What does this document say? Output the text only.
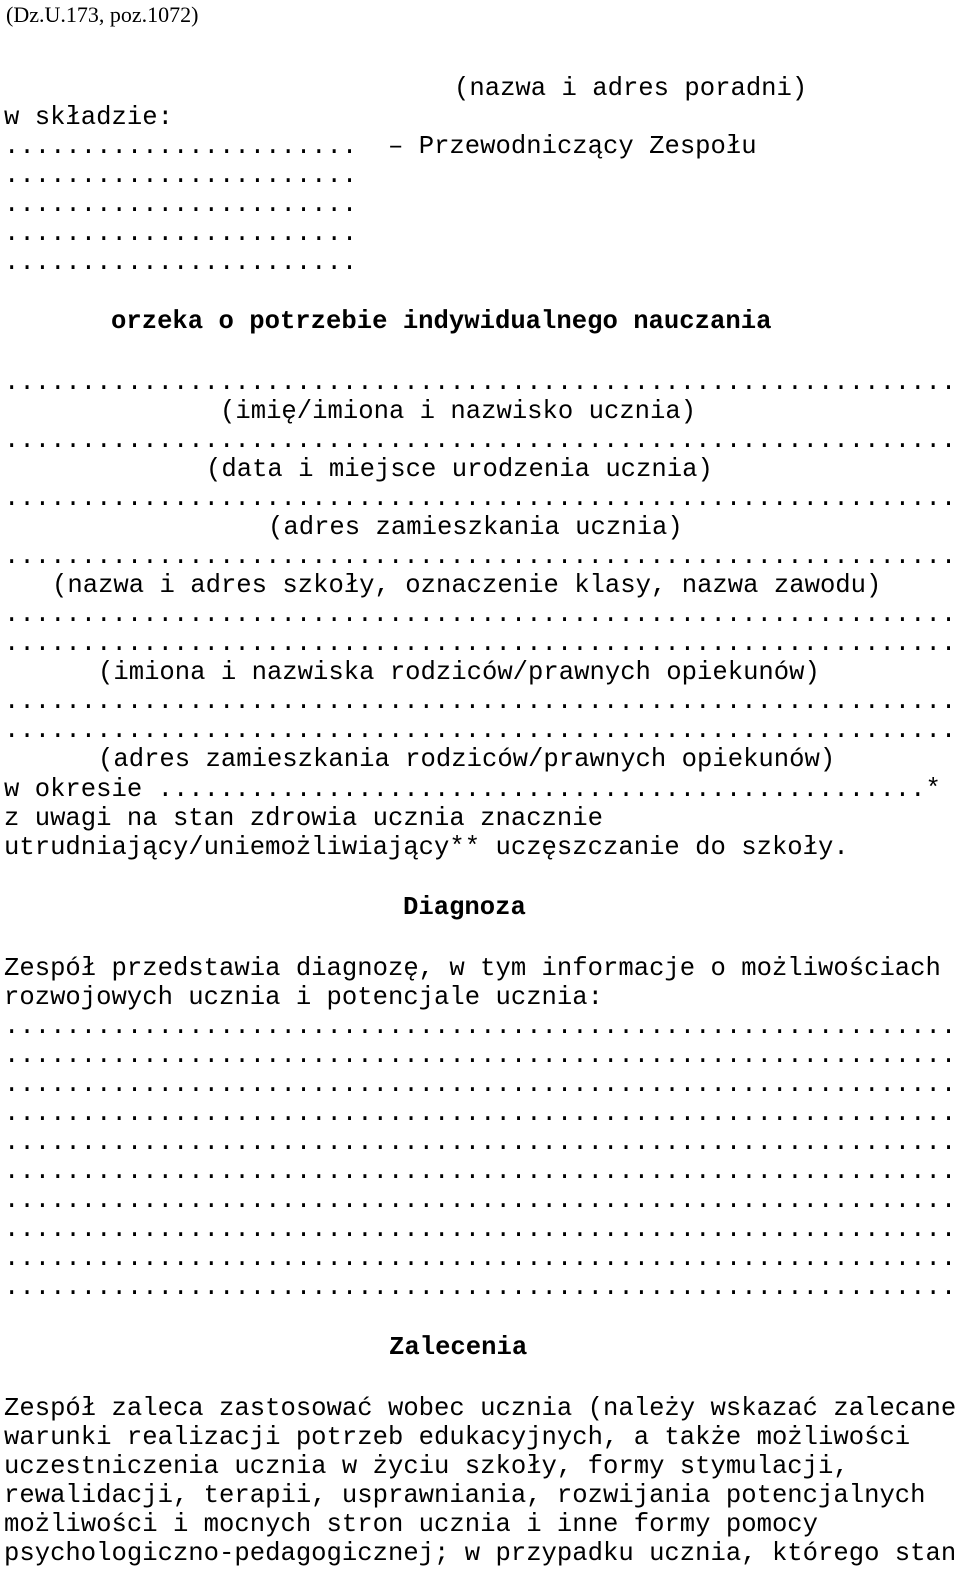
(Dz.U.173, poz.1072)
(nazwa i adres poradni)
w składzie:
....................... – Przewodniczący Zespołu
.......................
.......................
.......................
.......................
orzeka o potrzebie indywidualnego nauczania
..............................................................
(imię/imiona i nazwisko ucznia)
..............................................................
(data i miejsce urodzenia ucznia)
..............................................................
(adres zamieszkania ucznia)
..............................................................
(nazwa i adres szkoły, oznaczenie klasy, nazwa zawodu)
..............................................................
..............................................................
(imiona i nazwiska rodziców/prawnych opiekunów)
..............................................................
..............................................................
(adres zamieszkania rodziców/prawnych opiekunów)
w okresie ..................................................*
z uwagi na stan zdrowia ucznia znacznie
utrudniający/uniemożliwiający** uczęszczanie do szkoły.
Diagnoza
Zespół przedstawia diagnozę, w tym informacje o możliwościach
rozwojowych ucznia i potencjale ucznia:
..............................................................
..............................................................
..............................................................
..............................................................
..............................................................
..............................................................
..............................................................
..............................................................
..............................................................
..............................................................
Zalecenia
Zespół zaleca zastosować wobec ucznia (należy wskazać zalecane
warunki realizacji potrzeb edukacyjnych, a także możliwości
uczestniczenia ucznia w życiu szkoły, formy stymulacji,
rewalidacji, terapii, usprawniania, rozwijania potencjalnych
możliwości i mocnych stron ucznia i inne formy pomocy
psychologiczno-pedagogicznej; w przypadku ucznia, którego stan
